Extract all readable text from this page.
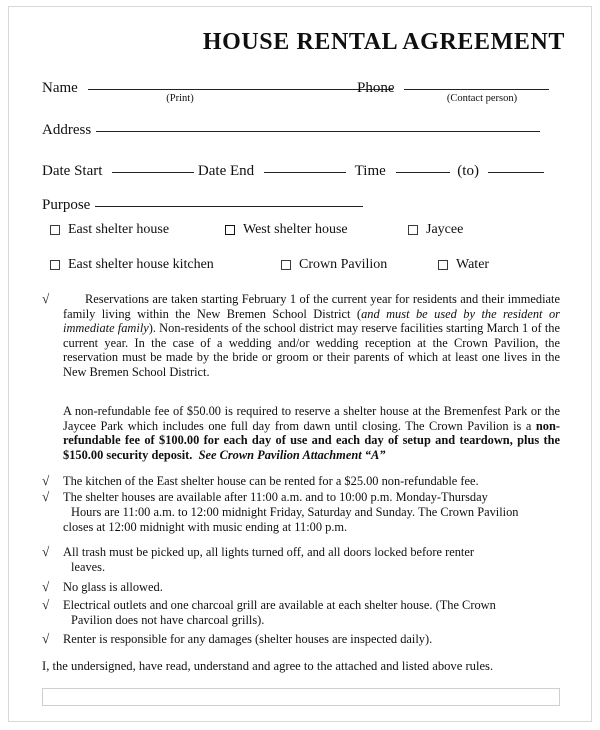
HOUSE RENTAL AGREEMENT
Name
(Print)
Phone
(Contact person)
Address
Date Start	Date End	Time	(to)
Purpose
East shelter house	West shelter house	Jaycee
East shelter house kitchen	Crown Pavilion	Water
√	Reservations are taken starting February 1 of the current year for residents and their immediate family living within the New Bremen School District (and must be used by the resident or immediate family). Non-residents of the school district may reserve facilities starting March 1 of the current year. In the case of a wedding and/or wedding reception at the Crown Pavilion, the reservation must be made by the bride or groom or their parents of which at least one lives in the New Bremen School District.
A non-refundable fee of $50.00 is required to reserve a shelter house at the Bremenfest Park or the Jaycee Park which includes one full day from dawn until closing. The Crown Pavilion is a non-refundable fee of $100.00 for each day of use and each day of setup and teardown, plus the $150.00 security deposit. See Crown Pavilion Attachment “A”
√ The kitchen of the East shelter house can be rented for a $25.00 non-refundable fee.
√ The shelter houses are available after 11:00 a.m. and to 10:00 p.m. Monday-Thursday
Hours are 11:00 a.m. to 12:00 midnight Friday, Saturday and Sunday. The Crown Pavilion
closes at 12:00 midnight with music ending at 11:00 p.m.
√ All trash must be picked up, all lights turned off, and all doors locked before renter
leaves.
√ No glass is allowed.
√ Electrical outlets and one charcoal grill are available at each shelter house. (The Crown
Pavilion does not have charcoal grills).
√ Renter is responsible for any damages (shelter houses are inspected daily).
I, the undersigned, have read, understand and agree to the attached and listed above rules.
